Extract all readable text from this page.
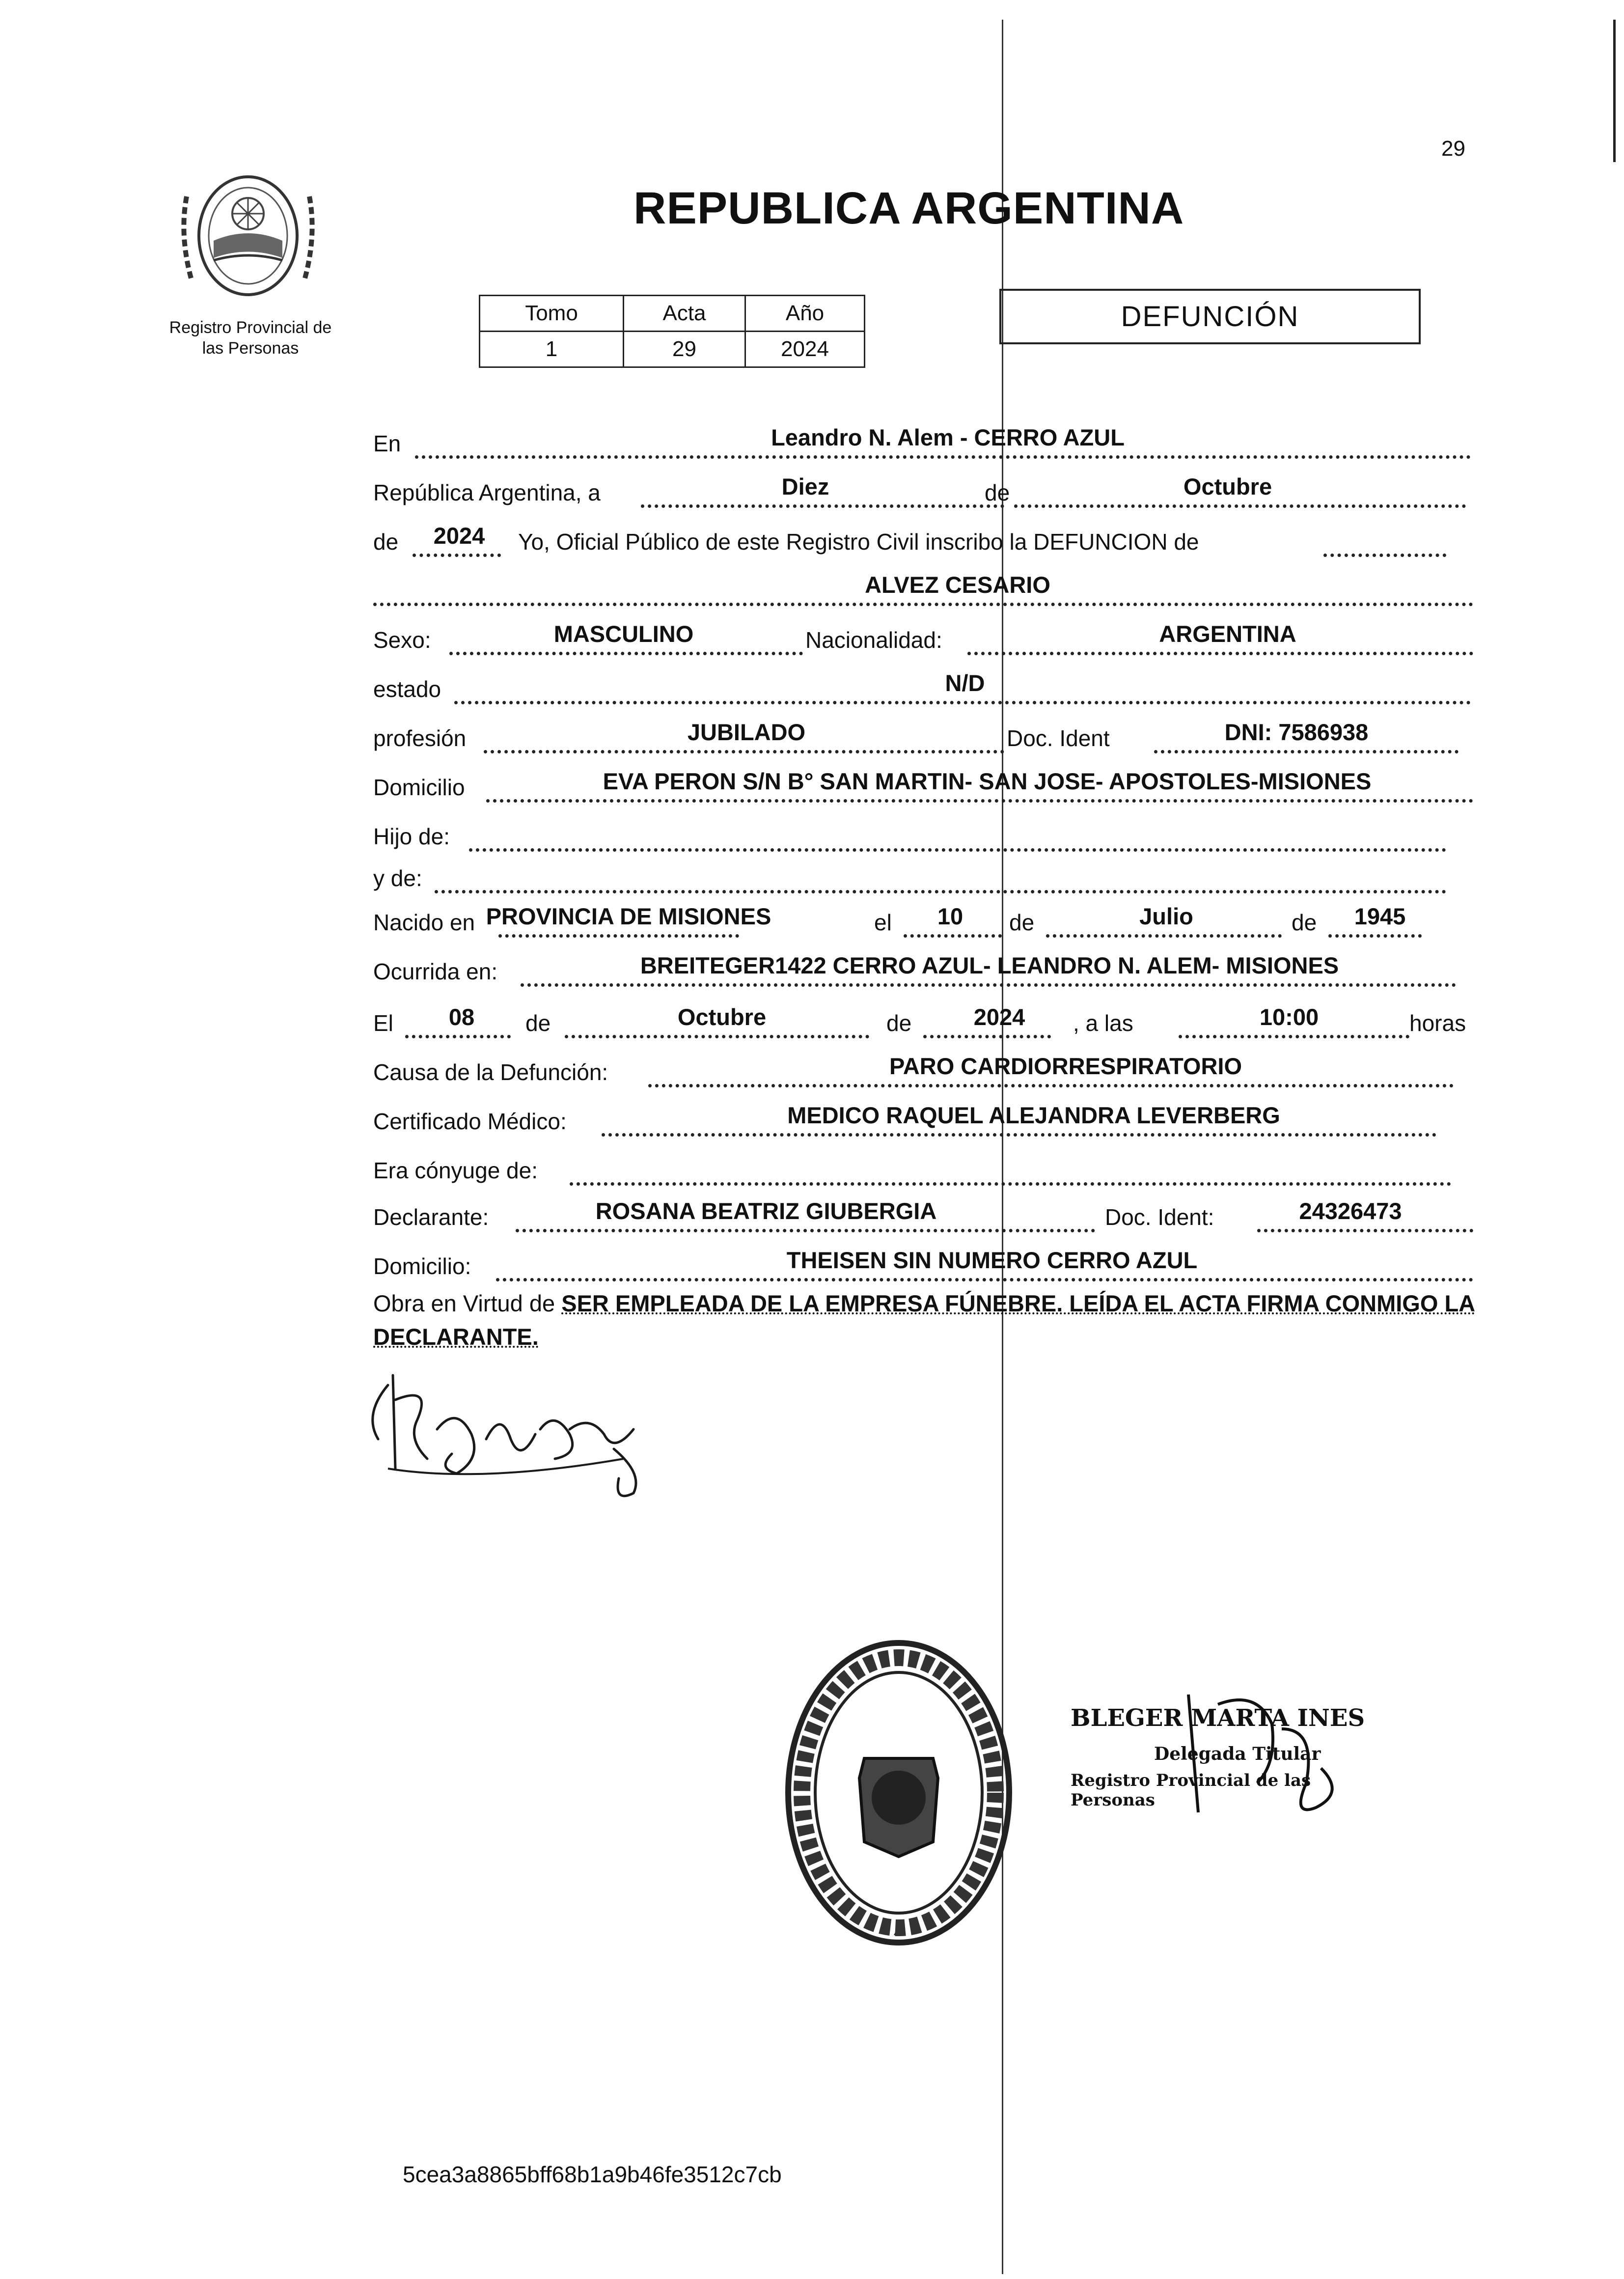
29
Registro Provincial de
las Personas
REPUBLICA ARGENTINA
Tomo	Acta	Año
1	29	2024
DEFUNCIÓN
En	Leandro N. Alem - CERRO AZUL
República Argentina, a	Diez	de	Octubre
de 2024 Yo, Oficial Público de este Registro Civil inscribo la DEFUNCION de
ALVEZ CESARIO
Sexo:	MASCULINO	Nacionalidad:	ARGENTINA
estado	N/D
profesión	JUBILADO	Doc. Ident	DNI: 7586938
Domicilio	EVA PERON S/N B° SAN MARTIN- SAN JOSE- APOSTOLES-MISIONES
Hijo de:
y de:
Nacido en PROVINCIA DE MISIONES	el 10 de	Julio	de 1945
Ocurrida en:	BREITEGER1422 CERRO AZUL- LEANDRO N. ALEM- MISIONES
El 08 de	Octubre	de	2024 , a las	10:00	horas
Causa de la Defunción:	PARO CARDIORRESPIRATORIO
Certificado Médico:	MEDICO RAQUEL ALEJANDRA LEVERBERG
Era cónyuge de:
Declarante:	ROSANA BEATRIZ GIUBERGIA	Doc. Ident:	24326473
Domicilio:	THEISEN SIN NUMERO CERRO AZUL
Obra en Virtud de SER EMPLEADA DE LA EMPRESA FÚNEBRE. LEÍDA EL ACTA FIRMA CONMIGO LA DECLARANTE.
BLEGER MARTA INES
Delegada Titular
Registro Provincial de las Personas
5cea3a8865bff68b1a9b46fe3512c7cb
